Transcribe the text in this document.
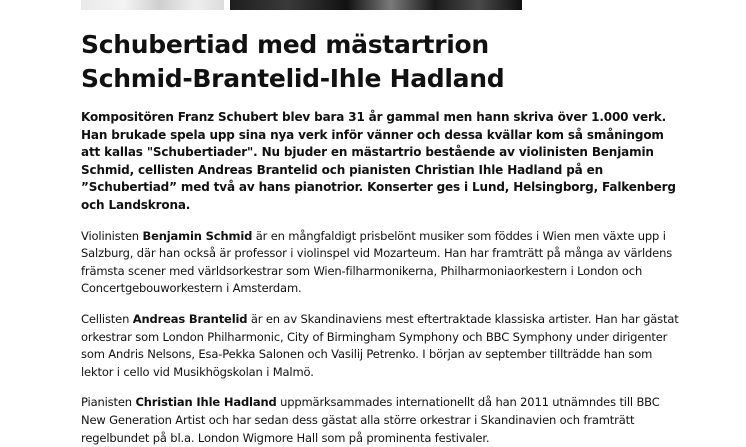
Schubertiad med mästartrion
Schmid-Brantelid-Ihle Hadland

Kompositören Franz Schubert blev bara 31 år gammal men hann skriva över 1.000 verk. Han brukade spela upp sina nya verk inför vänner och dessa kvällar kom så småningom att kallas "Schubertiader". Nu bjuder en mästartrio bestående av violinisten Benjamin Schmid, cellisten Andreas Brantelid och pianisten Christian Ihle Hadland på en ”Schubertiad” med två av hans pianotrior. Konserter ges i Lund, Helsingborg, Falkenberg och Landskrona.

Violinisten Benjamin Schmid är en mångfaldigt prisbelönt musiker som föddes i Wien men växte upp i Salzburg, där han också är professor i violinspel vid Mozarteum. Han har framträtt på många av världens främsta scener med världsorkestrar som Wien-filharmonikerna, Philharmoniaorkestern i London och Concertgebouworkestern i Amsterdam.

Cellisten Andreas Brantelid är en av Skandinaviens mest eftertraktade klassiska artister. Han har gästat orkestrar som London Philharmonic, City of Birmingham Symphony och BBC Symphony under dirigenter som Andris Nelsons, Esa-Pekka Salonen och Vasilij Petrenko. I början av september tillträdde han som lektor i cello vid Musikhögskolan i Malmö.

Pianisten Christian Ihle Hadland uppmärksammades internationellt då han 2011 utnämndes till BBC New Generation Artist och har sedan dess gästat alla större orkestrar i Skandinavien och framträtt regelbundet på bl.a. London Wigmore Hall som på prominenta festivaler.
